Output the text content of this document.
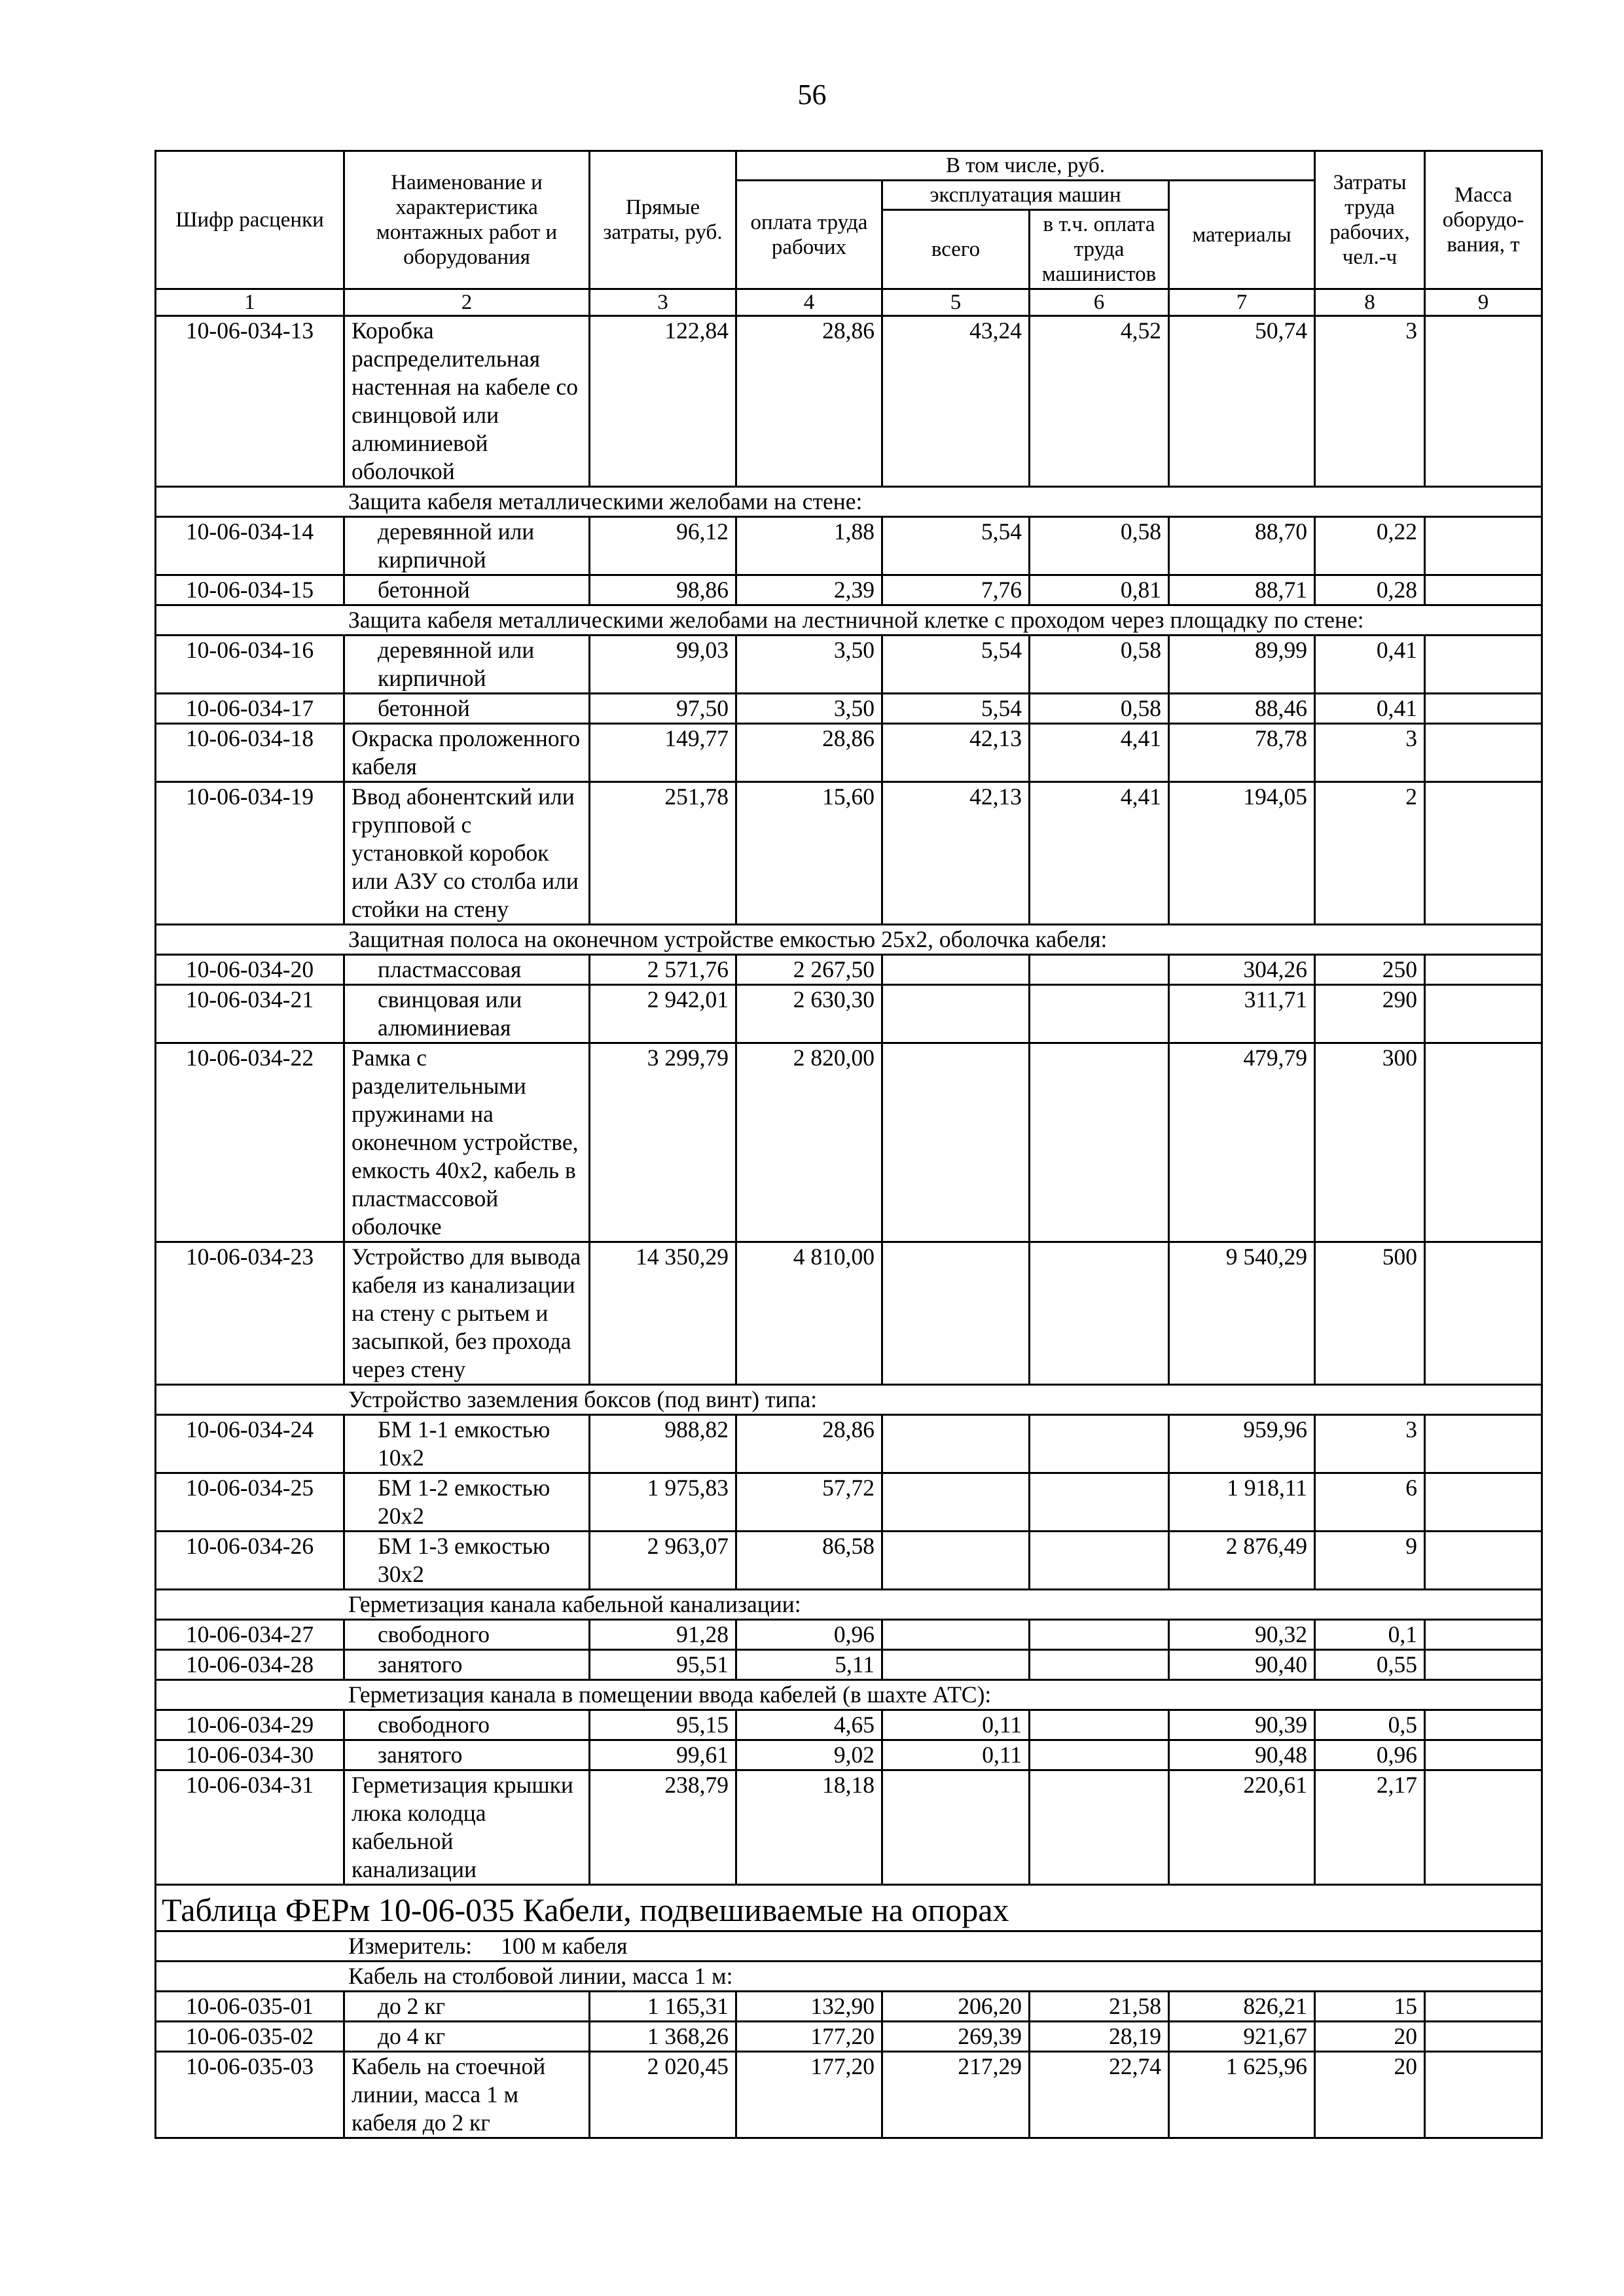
56
Шифр расценки	Наименование и характеристика монтажных работ и оборудования	Прямые затраты, руб.	В том числе, руб.				Затраты труда рабочих, чел.-ч	Масса оборудо-вания, т
			оплата труда рабочих	эксплуатация машин		материалы		
				всего	в т.ч. оплата труда машинистов			
1	2	3	4	5	6	7	8	9
10-06-034-13	Коробка распределительная настенная на кабеле со свинцовой или алюминиевой оболочкой	122,84	28,86	43,24	4,52	50,74	3	
Защита кабеля металлическими желобами на стене:								
10-06-034-14	деревянной или кирпичной	96,12	1,88	5,54	0,58	88,70	0,22	
10-06-034-15	бетонной	98,86	2,39	7,76	0,81	88,71	0,28	
Защита кабеля металлическими желобами на лестничной клетке с проходом через площадку по стене:								
10-06-034-16	деревянной или кирпичной	99,03	3,50	5,54	0,58	89,99	0,41	
10-06-034-17	бетонной	97,50	3,50	5,54	0,58	88,46	0,41	
10-06-034-18	Окраска проложенного кабеля	149,77	28,86	42,13	4,41	78,78	3	
10-06-034-19	Ввод абонентский или групповой с установкой коробок или АЗУ со столба или стойки на стену	251,78	15,60	42,13	4,41	194,05	2	
Защитная полоса на оконечном устройстве емкостью 25х2, оболочка кабеля:								
10-06-034-20	пластмассовая	2 571,76	2 267,50			304,26	250	
10-06-034-21	свинцовая или алюминиевая	2 942,01	2 630,30			311,71	290	
10-06-034-22	Рамка с разделительными пружинами на оконечном устройстве, емкость 40х2, кабель в пластмассовой оболочке	3 299,79	2 820,00			479,79	300	
10-06-034-23	Устройство для вывода кабеля из канализации на стену с рытьем и засыпкой, без прохода через стену	14 350,29	4 810,00			9 540,29	500	
Устройство заземления боксов (под винт) типа:								
10-06-034-24	БМ 1-1 емкостью 10х2	988,82	28,86			959,96	3	
10-06-034-25	БМ 1-2 емкостью 20х2	1 975,83	57,72			1 918,11	6	
10-06-034-26	БМ 1-3 емкостью 30х2	2 963,07	86,58			2 876,49	9	
Герметизация канала кабельной канализации:								
10-06-034-27	свободного	91,28	0,96			90,32	0,1	
10-06-034-28	занятого	95,51	5,11			90,40	0,55	
Герметизация канала в помещении ввода кабелей (в шахте АТС):								
10-06-034-29	свободного	95,15	4,65	0,11		90,39	0,5	
10-06-034-30	занятого	99,61	9,02	0,11		90,48	0,96	
10-06-034-31	Герметизация крышки люка колодца кабельной канализации	238,79	18,18			220,61	2,17	
Таблица ФЕРм 10-06-035 Кабели, подвешиваемые на опорах								
Измеритель: 100 м кабеля								
Кабель на столбовой линии, масса 1 м:								
10-06-035-01	до 2 кг	1 165,31	132,90	206,20	21,58	826,21	15	
10-06-035-02	до 4 кг	1 368,26	177,20	269,39	28,19	921,67	20	
10-06-035-03	Кабель на стоечной линии, масса 1 м кабеля до 2 кг	2 020,45	177,20	217,29	22,74	1 625,96	20	
